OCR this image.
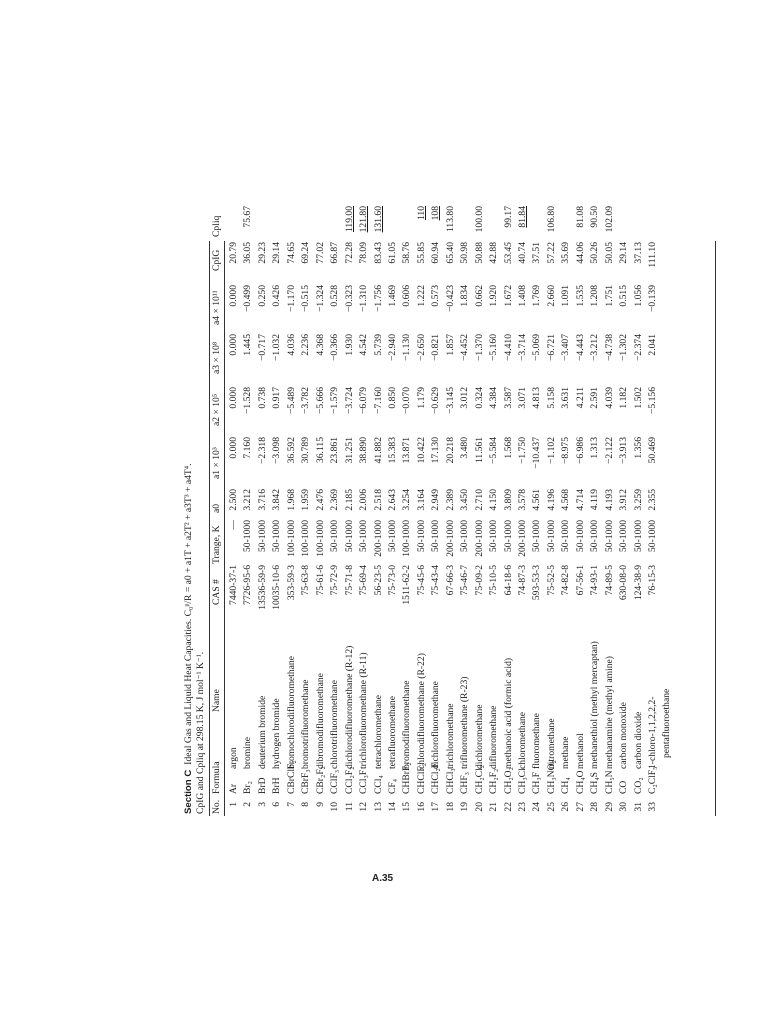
Section CIdeal Gas and Liquid Heat Capacities. C₀ᵖ/R = a0 + a1T + a2T² + a3T³ + a4T⁴. CpIG and Cpliq at 298.15 K, J mol⁻¹ K⁻¹. No.
Formula
Name
CAS #
Trange, K
a0
a1 × 10³
a2 × 10⁵
a3 × 10⁸
a4 × 10¹¹
CpIG
Cpliq
1
Ar
argon
7440-37-1
—
2.500
0.000
0.000
0.000
0.000
20.79
2
Br₂
bromine
7726-95-6
50-1000
3.212
7.160
−1.528
1.445
−0.499
36.05
75.67
3
BrD
deuterium bromide
13536-59-9
50-1000
3.716
−2.318
0.738
−0.717
0.250
29.23
6
BrH
hydrogen bromide
10035-10-6
50-1000
3.842
−3.098
0.917
−1.032
0.426
29.14
7
CBrClF₂
bromochlorodifluoromethane
353-59-3
100-1000
1.968
36.592
−5.489
4.036
−1.170
74.65
8
CBrF₃
bromotrifluoromethane
75-63-8
100-1000
1.959
30.789
−3.782
2.236
−0.515
69.24
9
CBr₂F₂
dibromodifluoromethane
75-61-6
100-1000
2.476
36.115
−5.666
4.368
−1.324
77.02
10
CClF₃
chlorotrifluoromethane
75-72-9
50-1000
2.369
23.861
−1.579
−0.366
0.528
66.87
11
CCl₂F₂
dichlorodifluoromethane (R-12)
75-71-8
50-1000
2.185
31.251
−3.724
1.930
−0.323
72.28
119.00
12
CCl₃F
trichlorofluoromethane (R-11)
75-69-4
50-1000
2.006
38.890
−6.079
4.542
−1.310
78.09
121.80
13
CCl₄
tetrachloromethane
56-23-5
200-1000
2.518
41.882
−7.160
5.739
−1.756
83.43
131.60
14
CF₄
tetrafluoromethane
75-73-0
50-1000
2.643
15.383
0.850
−2.940
1.469
61.05
15
CHBrF₂
bromodifluoromethane
1511-62-2
100-1000
3.254
13.871
−0.070
−1.130
0.606
58.76
16
CHClF₂
chlorodifluoromethane (R-22)
75-45-6
50-1000
3.164
10.422
1.179
−2.650
1.222
55.85
110
17
CHCl₂F
dichlorofluoromethane
75-43-4
50-1000
2.949
17.130
−0.629
−0.821
0.573
60.94
108
18
CHCl₃
trichloromethane
67-66-3
200-1000
2.389
20.218
−3.145
1.857
−0.423
65.40
113.80
19
CHF₃
trifluoromethane (R-23)
75-46-7
50-1000
3.450
3.480
3.012
−4.452
1.834
50.98
20
CH₂Cl₂
dichloromethane
75-09-2
200-1000
2.710
11.561
0.324
−1.370
0.662
50.88
100.00
21
CH₂F₂
difluoromethane
75-10-5
50-1000
4.150
−5.584
4.384
−5.160
1.920
42.88
22
CH₂O₂
methanoic acid (formic acid)
64-18-6
50-1000
3.809
1.568
3.587
−4.410
1.672
53.45
99.17
23
CH₃Cl
chloromethane
74-87-3
200-1000
3.578
−1.750
3.071
−3.714
1.408
40.74
81.84
24
CH₃F
fluoromethane
593-53-3
50-1000
4.561
−10.437
4.813
−5.069
1.769
37.51
25
CH₃NO₂
nitromethane
75-52-5
50-1000
4.196
−1.102
5.158
−6.721
2.660
57.22
106.80
26
CH₄
methane
74-82-8
50-1000
4.568
−8.975
3.631
−3.407
1.091
35.69
27
CH₄O
methanol
67-56-1
50-1000
4.714
−6.986
4.211
−4.443
1.535
44.06
81.08
28
CH₄S
methanethiol (methyl mercaptan)
74-93-1
50-1000
4.119
1.313
2.591
−3.212
1.208
50.26
90.50
29
CH₅N
methanamine (methyl amine)
74-89-5
50-1000
4.193
−2.122
4.039
−4.738
1.751
50.05
102.09
30
CO
carbon monoxide
630-08-0
50-1000
3.912
−3.913
1.182
−1.302
0.515
29.14
31
CO₂
carbon dioxide
124-38-9
50-1000
3.259
1.356
1.502
−2.374
1.056
37.13
33
C₂ClF₅
1-chloro-1,1,2,2,2-
76-15-3
50-1000
2.355
50.469
−5.156
2.041
−0.139
111.10
pentafluoroethane
A.35
